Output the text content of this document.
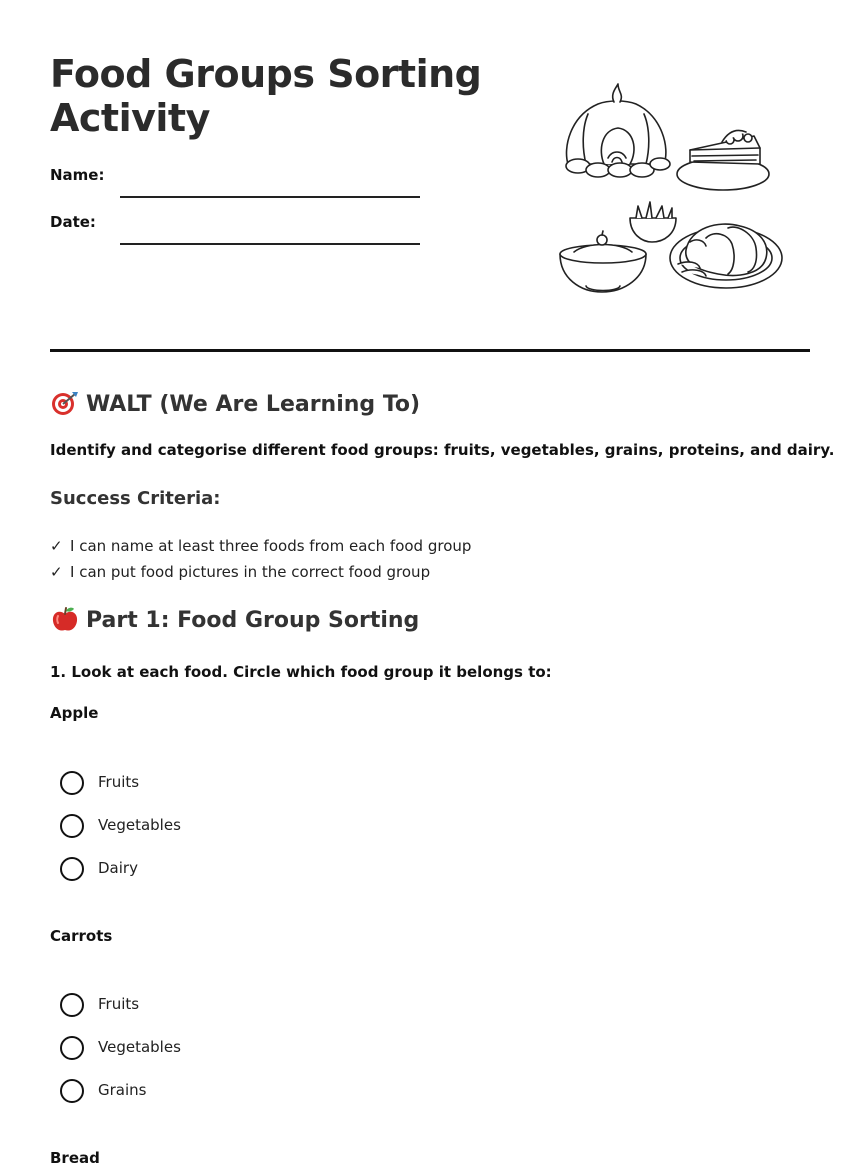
Food Groups Sorting Activity
Name:
Date:
WALT (We Are Learning To)
Identify and categorise different food groups: fruits, vegetables, grains, proteins, and dairy.
Success Criteria:
✓ I can name at least three foods from each food group
✓ I can put food pictures in the correct food group
Part 1: Food Group Sorting
1. Look at each food. Circle which food group it belongs to:
Apple
Fruits
Vegetables
Dairy
Carrots
Fruits
Vegetables
Grains
Bread
